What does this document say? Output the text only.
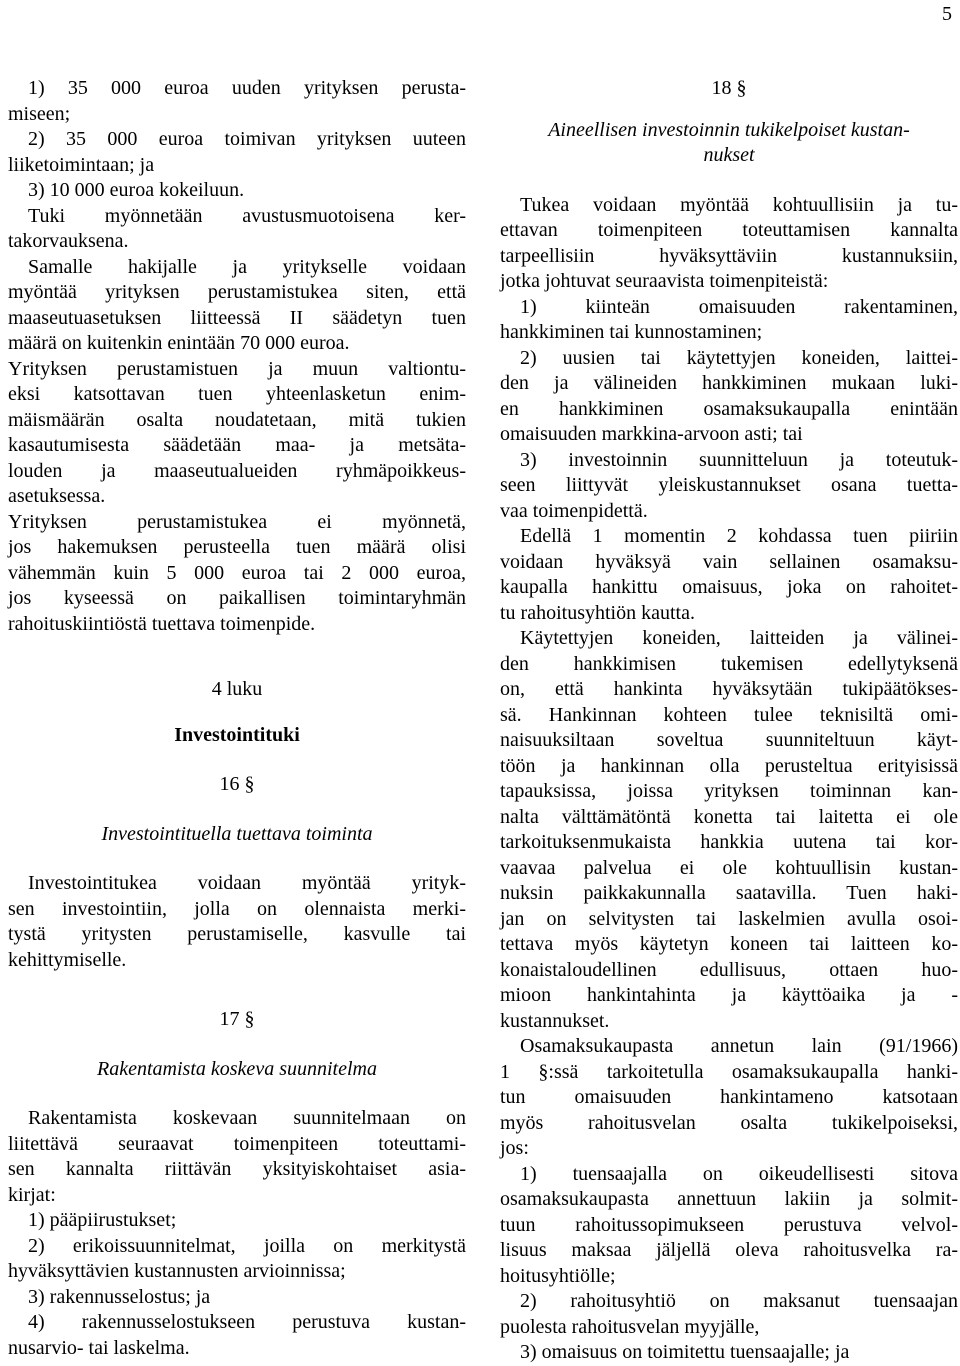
5
1) 35 000 euroa uuden yrityksen perusta-
miseen;
2) 35 000 euroa toimivan yrityksen uuteen
liiketoimintaan; ja
3) 10 000 euroa kokeiluun.
Tuki myönnetään avustusmuotoisena ker-
takorvauksena.
Samalle hakijalle ja yritykselle voidaan
myöntää yrityksen perustamistukea siten, että
maaseutuasetuksen liitteessä II säädetyn tuen
määrä on kuitenkin enintään 70 000 euroa.
Yrityksen perustamistuen ja muun valtiontu-
eksi katsottavan tuen yhteenlasketun enim-
mäismäärän osalta noudatetaan, mitä tukien
kasautumisesta säädetään maa- ja metsäta-
louden ja maaseutualueiden ryhmäpoikkeus-
asetuksessa.
Yrityksen perustamistukea ei myönnetä,
jos hakemuksen perusteella tuen määrä olisi
vähemmän kuin 5 000 euroa tai 2 000 euroa,
jos kyseessä on paikallisen toimintaryhmän
rahoituskiintiöstä tuettava toimenpide.
4 luku
Investointituki
16 §
Investointituella tuettava toiminta
Investointitukea voidaan myöntää yrityk-
sen investointiin, jolla on olennaista merki-
tystä yritysten perustamiselle, kasvulle tai
kehittymiselle.
17 §
Rakentamista koskeva suunnitelma
Rakentamista koskevaan suunnitelmaan on
liitettävä seuraavat toimenpiteen toteuttami-
sen kannalta riittävän yksityiskohtaiset asia-
kirjat:
1) pääpiirustukset;
2) erikoissuunnitelmat, joilla on merkitystä
hyväksyttävien kustannusten arvioinnissa;
3) rakennusselostus; ja
4) rakennusselostukseen perustuva kustan-
nusarvio- tai laskelma.
18 §
Aineellisen investoinnin tukikelpoiset kustan-
nukset
Tukea voidaan myöntää kohtuullisiin ja tu-
ettavan toimenpiteen toteuttamisen kannalta
tarpeellisiin hyväksyttäviin kustannuksiin,
jotka johtuvat seuraavista toimenpiteistä:
1) kiinteän omaisuuden rakentaminen,
hankkiminen tai kunnostaminen;
2) uusien tai käytettyjen koneiden, laittei-
den ja välineiden hankkiminen mukaan luki-
en hankkiminen osamaksukaupalla enintään
omaisuuden markkina-arvoon asti; tai
3) investoinnin suunnitteluun ja toteutuk-
seen liittyvät yleiskustannukset osana tuetta-
vaa toimenpidettä.
Edellä 1 momentin 2 kohdassa tuen piiriin
voidaan hyväksyä vain sellainen osamaksu-
kaupalla hankittu omaisuus, joka on rahoitet-
tu rahoitusyhtiön kautta.
Käytettyjen koneiden, laitteiden ja välinei-
den hankkimisen tukemisen edellytyksenä
on, että hankinta hyväksytään tukipäätökses-
sä. Hankinnan kohteen tulee teknisiltä omi-
naisuuksiltaan soveltua suunniteltuun käyt-
töön ja hankinnan olla perusteltua erityisissä
tapauksissa, joissa yrityksen toiminnan kan-
nalta välttämätöntä konetta tai laitetta ei ole
tarkoituksenmukaista hankkia uutena tai kor-
vaavaa palvelua ei ole kohtuullisin kustan-
nuksin paikkakunnalla saatavilla. Tuen haki-
jan on selvitysten tai laskelmien avulla osoi-
tettava myös käytetyn koneen tai laitteen ko-
konaistaloudellinen edullisuus, ottaen huo-
mioon hankintahinta ja käyttöaika ja -
kustannukset.
Osamaksukaupasta annetun lain (91/1966)
1 §:ssä tarkoitetulla osamaksukaupalla hanki-
tun omaisuuden hankintameno katsotaan
myös rahoitusvelan osalta tukikelpoiseksi,
jos:
1) tuensaajalla on oikeudellisesti sitova
osamaksukaupasta annettuun lakiin ja solmit-
tuun rahoitussopimukseen perustuva velvol-
lisuus maksaa jäljellä oleva rahoitusvelka ra-
hoitusyhtiölle;
2) rahoitusyhtiö on maksanut tuensaajan
puolesta rahoitusvelan myyjälle,
3) omaisuus on toimitettu tuensaajalle; ja
